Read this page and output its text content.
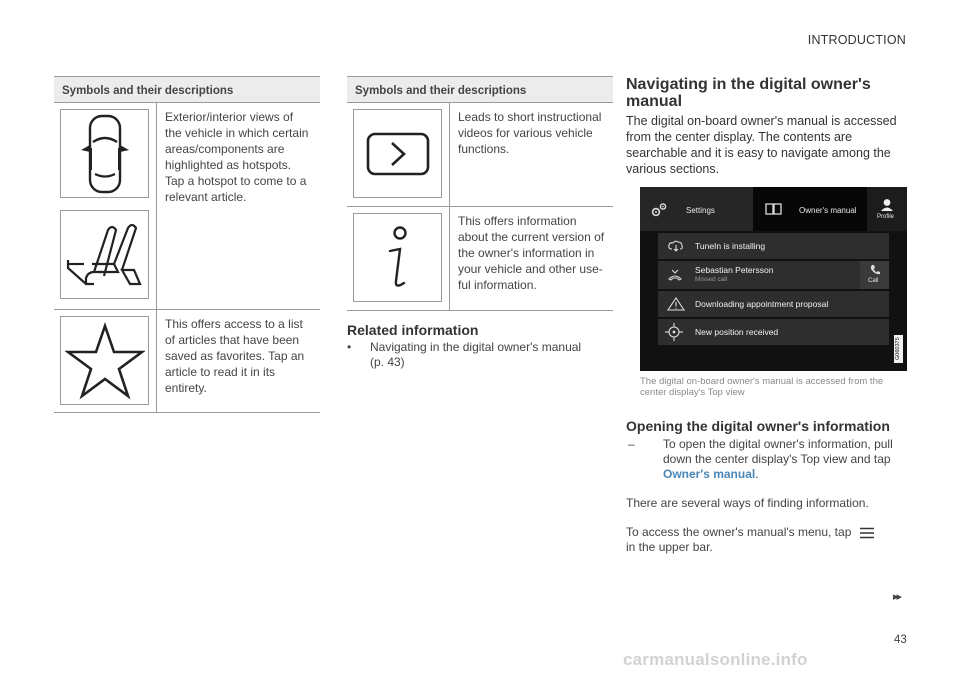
INTRODUCTION
Symbols and their descriptions
Exterior/interior views of the vehicle in which certain areas/components are highlighted as hotspots. Tap a hotspot to come to a relevant article.
This offers access to a list of articles that have been saved as favorites. Tap an article to read it in its entirety.
Symbols and their descriptions
Leads to short instructional videos for various vehicle functions.
This offers information about the current version of the owner's information in your vehicle and other use-ful information.
Related information
•	Navigating in the digital owner's manual (p. 43)
Navigating in the digital owner's manual

The digital on-board owner's manual is accessed from the center display. The contents are searchable and it is easy to navigate among the various sections.

Settings	Owner's manual
Profile
TuneIn is installing
Sebastian Petersson
Missed call	Call
Downloading appointment proposal
New position received
G060375
The digital on-board owner's manual is accessed from the center display's Top view
Opening the digital owner's information
–	To open the digital owner's information, pull down the center display's Top view and tap Owner's manual.

There are several ways of finding information.

To access the owner's manual's menu, tap
in the upper bar.

▸▸
43
carmanualsonline.info
